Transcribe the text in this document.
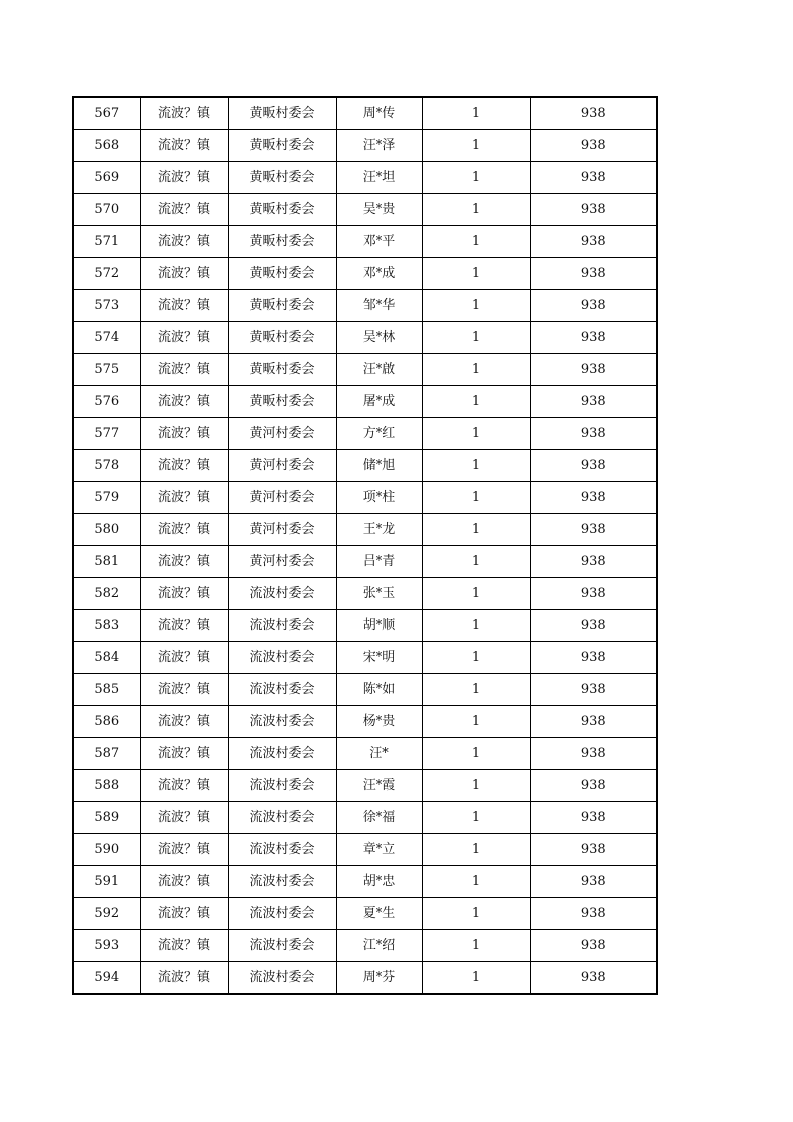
567	流波？镇	黄畈村委会	周*传	1	938
568	流波？镇	黄畈村委会	汪*泽	1	938
569	流波？镇	黄畈村委会	汪*坦	1	938
570	流波？镇	黄畈村委会	吴*贵	1	938
571	流波？镇	黄畈村委会	邓*平	1	938
572	流波？镇	黄畈村委会	邓*成	1	938
573	流波？镇	黄畈村委会	邹*华	1	938
574	流波？镇	黄畈村委会	吴*林	1	938
575	流波？镇	黄畈村委会	汪*啟	1	938
576	流波？镇	黄畈村委会	屠*成	1	938
577	流波？镇	黄河村委会	方*红	1	938
578	流波？镇	黄河村委会	储*旭	1	938
579	流波？镇	黄河村委会	项*柱	1	938
580	流波？镇	黄河村委会	王*龙	1	938
581	流波？镇	黄河村委会	吕*青	1	938
582	流波？镇	流波村委会	张*玉	1	938
583	流波？镇	流波村委会	胡*顺	1	938
584	流波？镇	流波村委会	宋*明	1	938
585	流波？镇	流波村委会	陈*如	1	938
586	流波？镇	流波村委会	杨*贵	1	938
587	流波？镇	流波村委会	汪*	1	938
588	流波？镇	流波村委会	汪*霞	1	938
589	流波？镇	流波村委会	徐*福	1	938
590	流波？镇	流波村委会	章*立	1	938
591	流波？镇	流波村委会	胡*忠	1	938
592	流波？镇	流波村委会	夏*生	1	938
593	流波？镇	流波村委会	江*绍	1	938
594	流波？镇	流波村委会	周*芬	1	938
